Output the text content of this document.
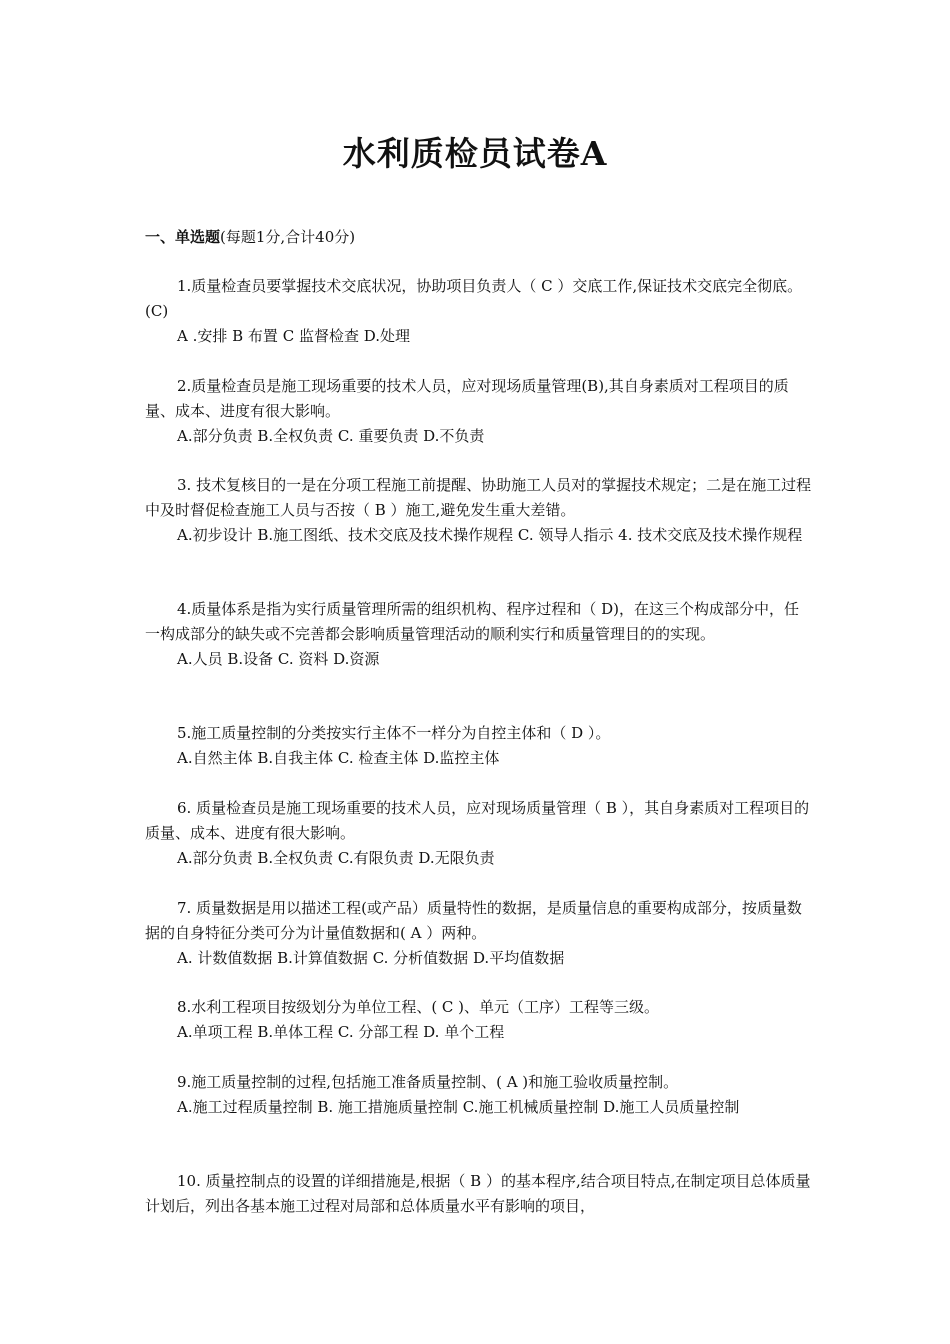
水利质检员试卷A
一、单选题(每题1分,合计40分)

1.质量检查员要掌握技术交底状况，协助项目负责人（ C ）交底工作,保证技术交底完全彻底。(C)

A .安排 B 布置 C 监督检查 D.处理

2.质量检查员是施工现场重要的技术人员，应对现场质量管理(B),其自身素质对工程项目的质量、成本、进度有很大影响。

A.部分负责 B.全权负责 C. 重要负责 D.不负责

3. 技术复核目的一是在分项工程施工前提醒、协助施工人员对的掌握技术规定；二是在施工过程中及时督促检查施工人员与否按（ B ）施工,避免发生重大差错。

A.初步设计 B.施工图纸、技术交底及技术操作规程 C. 领导人指示 4. 技术交底及技术操作规程

4.质量体系是指为实行质量管理所需的组织机构、程序过程和（ D)，在这三个构成部分中，任一构成部分的缺失或不完善都会影响质量管理活动的顺利实行和质量管理目的的实现。

A.人员 B.设备 C. 资料 D.资源

5.施工质量控制的分类按实行主体不一样分为自控主体和（ D ）。

A.自然主体 B.自我主体 C. 检查主体 D.监控主体

6. 质量检查员是施工现场重要的技术人员，应对现场质量管理（ B ），其自身素质对工程项目的质量、成本、进度有很大影响。

A.部分负责 B.全权负责 C.有限负责 D.无限负责

7. 质量数据是用以描述工程(或产品）质量特性的数据，是质量信息的重要构成部分，按质量数据的自身特征分类可分为计量值数据和( A ）两种。

A. 计数值数据 B.计算值数据 C. 分析值数据 D.平均值数据

8.水利工程项目按级划分为单位工程、( C )、单元（工序）工程等三级。

A.单项工程 B.单体工程 C. 分部工程 D. 单个工程

9.施工质量控制的过程,包括施工准备质量控制、( A )和施工验收质量控制。

A.施工过程质量控制 B. 施工措施质量控制 C.施工机械质量控制 D.施工人员质量控制

10. 质量控制点的设置的详细措施是,根据（ B ）的基本程序,结合项目特点,在制定项目总体质量计划后，列出各基本施工过程对局部和总体质量水平有影响的项目，
